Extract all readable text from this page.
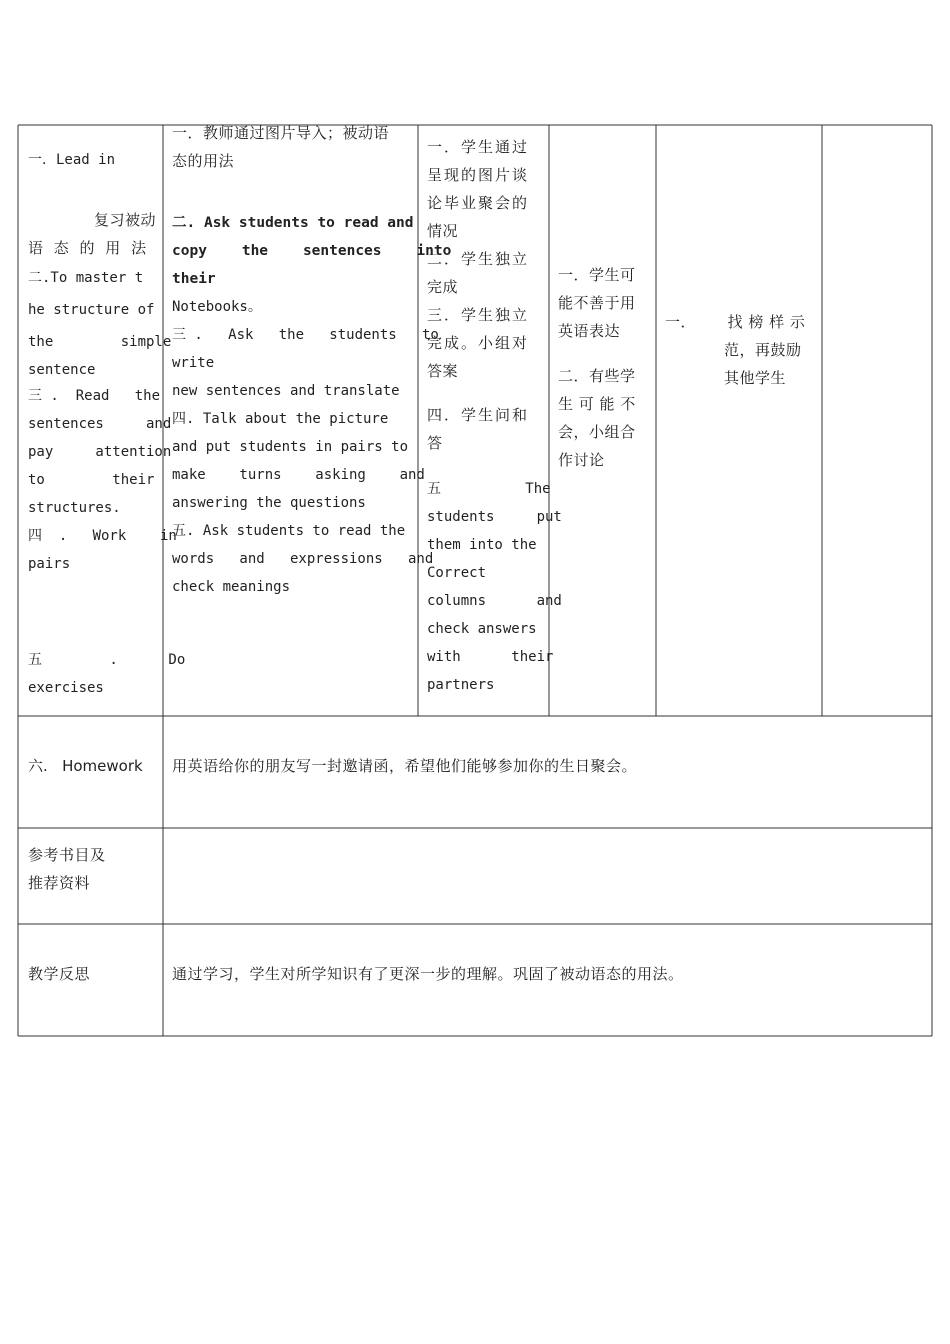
一．Lead in

复习被动
语 态 的 用 法
二.To master t
he structure of
the        simple
sentence
三 .  Read   the
sentences     and
pay     attention
to        their
structures.
四  .   Work    in
pairs

五        .      Do
exercises
一．教师通过图片导入；被动语
态的用法
二. Ask students to read and
copy    the    sentences    into
their
Notebooks。
三 .   Ask   the   students   to
write
new sentences and translate
四. Talk about the picture
and put students in pairs to
make    turns    asking    and
answering the questions
五. Ask students to read the
words   and   expressions   and
check meanings
一．学生通过
呈现的图片谈
论毕业聚会的
情况
二．学生独立
完成
三．学生独立
完成。小组对
答案
四．学生问和
答
五          The
students     put
them into the
Correct
columns      and
check answers
with      their
partners
一．学生可
能不善于用
英语表达
二．有些学
生 可 能 不
会，小组合
作讨论
一．      找 榜 样 示
范，再鼓励
其他学生
六.   Homework	用英语给你的朋友写一封邀请函，希望他们能够参加你的生日聚会。
参考书目及
推荐资料
教学反思	通过学习，学生对所学知识有了更深一步的理解。巩固了被动语态的用法。
